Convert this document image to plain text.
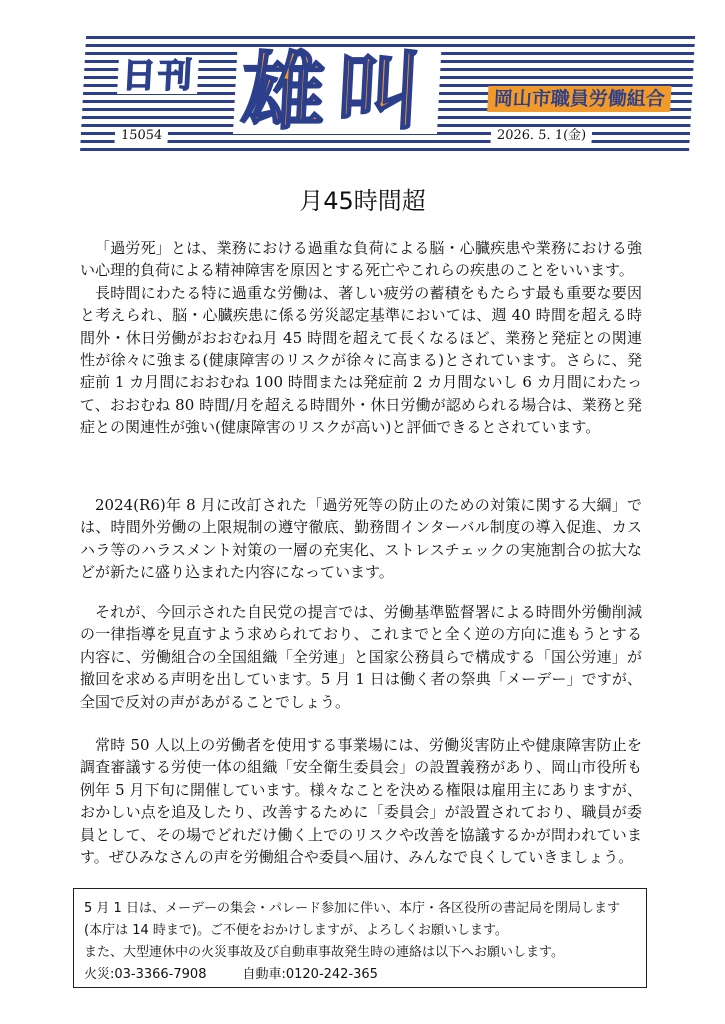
日刊 雄叫	岡山市職員労働組合
15054	2026. 5. 1(金)
月45時間超

「過労死」とは、業務における過重な負荷による脳・心臓疾患や業務における強い心理的負荷による精神障害を原因とする死亡やこれらの疾患のことをいいます。

長時間にわたる特に過重な労働は、著しい疲労の蓄積をもたらす最も重要な要因と考えられ、脳・心臓疾患に係る労災認定基準においては、週 40 時間を超える時間外・休日労働がおおむね月 45 時間を超えて長くなるほど、業務と発症との関連性が徐々に強まる(健康障害のリスクが徐々に高まる)とされています。さらに、発症前 1 カ月間におおむね 100 時間または発症前 2 カ月間ないし 6 カ月間にわたって、おおむね 80 時間/月を超える時間外・休日労働が認められる場合は、業務と発症との関連性が強い(健康障害のリスクが高い)と評価できるとされています。

2024(R6)年 8 月に改訂された「過労死等の防止のための対策に関する大綱」では、時間外労働の上限規制の遵守徹底、勤務間インターバル制度の導入促進、カスハラ等のハラスメント対策の一層の充実化、ストレスチェックの実施割合の拡大などが新たに盛り込まれた内容になっています。

それが、今回示された自民党の提言では、労働基準監督署による時間外労働削減の一律指導を見直すよう求められており、これまでと全く逆の方向に進もうとする内容に、労働組合の全国組織「全労連」と国家公務員らで構成する「国公労連」が撤回を求める声明を出しています。5 月 1 日は働く者の祭典「メーデー」ですが、全国で反対の声があがることでしょう。

常時 50 人以上の労働者を使用する事業場には、労働災害防止や健康障害防止を調査審議する労使一体の組織「安全衛生委員会」の設置義務があり、岡山市役所も例年 5 月下旬に開催しています。様々なことを決める権限は雇用主にありますが、おかしい点を追及したり、改善するために「委員会」が設置されており、職員が委員として、その場でどれだけ働く上でのリスクや改善を協議するかが問われています。ぜひみなさんの声を労働組合や委員へ届け、みんなで良くしていきましょう。

5 月 1 日は、メーデーの集会・パレード参加に伴い、本庁・各区役所の書記局を閉局します

(本庁は 14 時まで)。ご不便をおかけしますが、よろしくお願いします。

また、大型連休中の火災事故及び自動車事故発生時の連絡は以下へお願いします。

火災:03-3366-7908	自動車:0120-242-365
